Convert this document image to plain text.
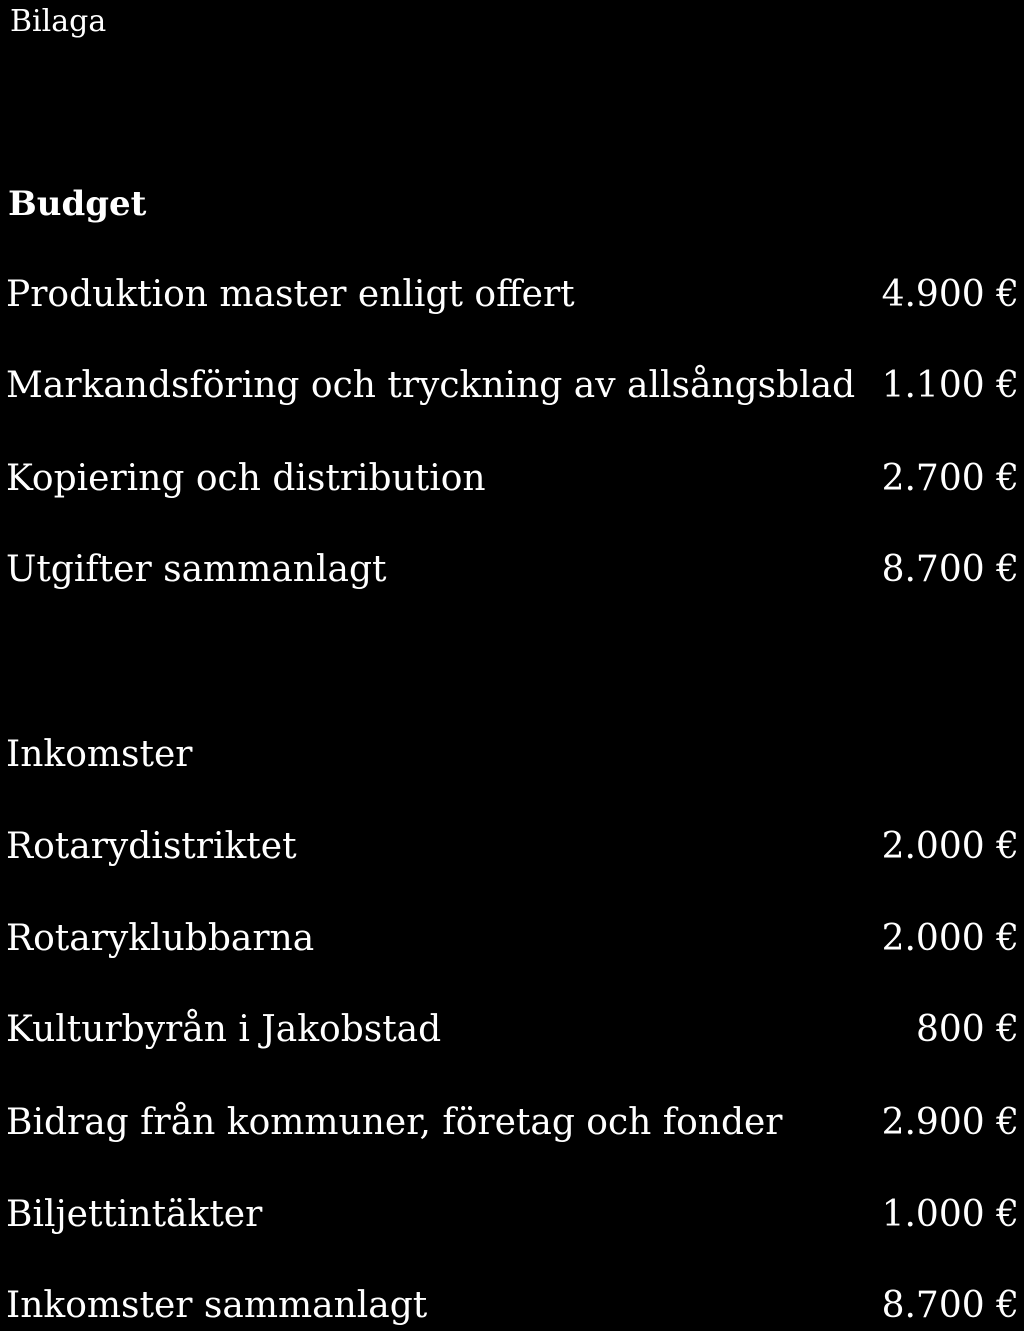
Bilaga
Budget
Produktion master enligt offert	4.900 €
Markandsföring och tryckning av allsångsblad 1.100 €
Kopiering och distribution	2.700 €
Utgifter sammanlagt	8.700 €
Inkomster
Rotarydistriktet	2.000 €
Rotaryklubbarna	2.000 €
Kulturbyrån i Jakobstad	800 €
Bidrag från kommuner, företag och fonder	2.900 €
Biljettintäkter	1.000 €
Inkomster sammanlagt	8.700 €
